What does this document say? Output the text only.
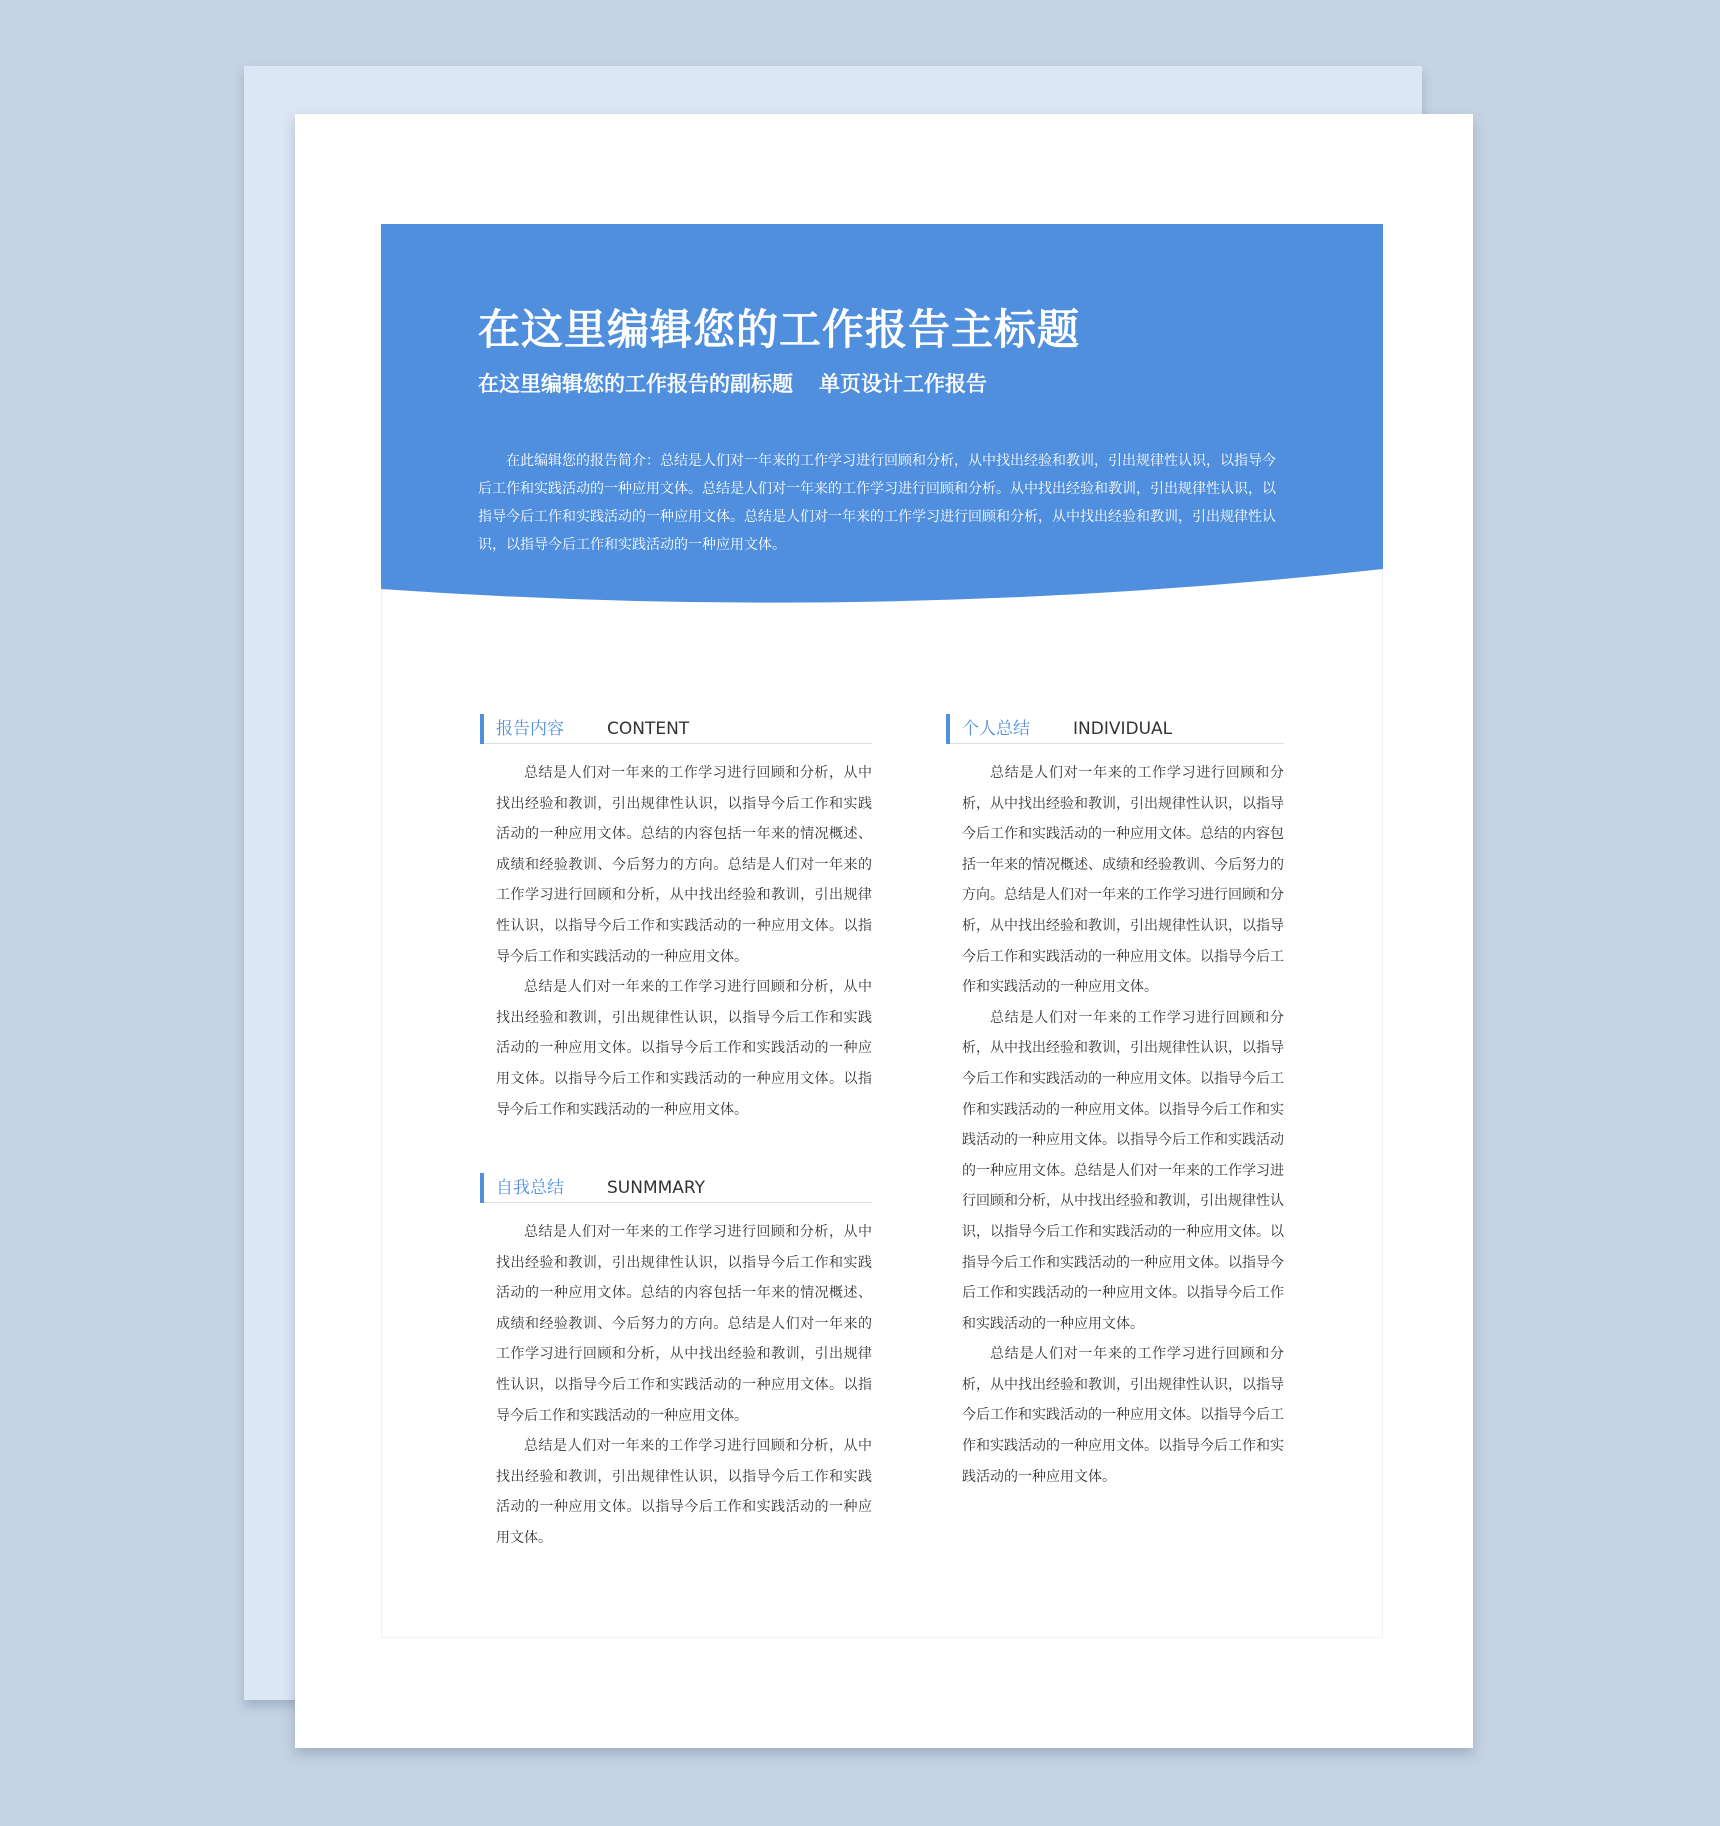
在这里编辑您的工作报告主标题
在这里编辑您的工作报告的副标题 单页设计工作报告

在此编辑您的报告简介：总结是人们对一年来的工作学习进行回顾和分析，从中找出经验和教训，引出规律性认识，以指导今后工作和实践活动的一种应用文体。总结是人们对一年来的工作学习进行回顾和分析。从中找出经验和教训，引出规律性认识，以指导今后工作和实践活动的一种应用文体。总结是人们对一年来的工作学习进行回顾和分析，从中找出经验和教训，引出规律性认识，以指导今后工作和实践活动的一种应用文体。

报告内容	CONTENT

总结是人们对一年来的工作学习进行回顾和分析，从中找出经验和教训，引出规律性认识，以指导今后工作和实践活动的一种应用文体。总结的内容包括一年来的情况概述、成绩和经验教训、今后努力的方向。总结是人们对一年来的工作学习进行回顾和分析，从中找出经验和教训，引出规律性认识，以指导今后工作和实践活动的一种应用文体。以指导今后工作和实践活动的一种应用文体。

总结是人们对一年来的工作学习进行回顾和分析，从中找出经验和教训，引出规律性认识，以指导今后工作和实践活动的一种应用文体。以指导今后工作和实践活动的一种应用文体。以指导今后工作和实践活动的一种应用文体。以指导今后工作和实践活动的一种应用文体。

自我总结	SUNMMARY

总结是人们对一年来的工作学习进行回顾和分析，从中找出经验和教训，引出规律性认识，以指导今后工作和实践活动的一种应用文体。总结的内容包括一年来的情况概述、成绩和经验教训、今后努力的方向。总结是人们对一年来的工作学习进行回顾和分析，从中找出经验和教训，引出规律性认识，以指导今后工作和实践活动的一种应用文体。以指导今后工作和实践活动的一种应用文体。

总结是人们对一年来的工作学习进行回顾和分析，从中找出经验和教训，引出规律性认识，以指导今后工作和实践活动的一种应用文体。以指导今后工作和实践活动的一种应用文体。

个人总结	INDIVIDUAL

总结是人们对一年来的工作学习进行回顾和分析，从中找出经验和教训，引出规律性认识，以指导今后工作和实践活动的一种应用文体。总结的内容包括一年来的情况概述、成绩和经验教训、今后努力的方向。总结是人们对一年来的工作学习进行回顾和分析，从中找出经验和教训，引出规律性认识，以指导今后工作和实践活动的一种应用文体。以指导今后工作和实践活动的一种应用文体。

总结是人们对一年来的工作学习进行回顾和分析，从中找出经验和教训，引出规律性认识，以指导今后工作和实践活动的一种应用文体。以指导今后工作和实践活动的一种应用文体。以指导今后工作和实践活动的一种应用文体。以指导今后工作和实践活动的一种应用文体。总结是人们对一年来的工作学习进行回顾和分析，从中找出经验和教训，引出规律性认识，以指导今后工作和实践活动的一种应用文体。以指导今后工作和实践活动的一种应用文体。以指导今后工作和实践活动的一种应用文体。以指导今后工作和实践活动的一种应用文体。

总结是人们对一年来的工作学习进行回顾和分析，从中找出经验和教训，引出规律性认识，以指导今后工作和实践活动的一种应用文体。以指导今后工作和实践活动的一种应用文体。以指导今后工作和实践活动的一种应用文体。
